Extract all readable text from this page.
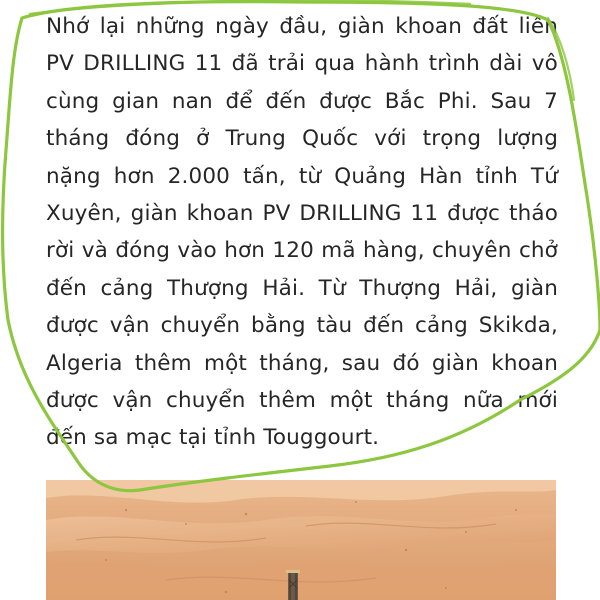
Nhớ lại những ngày đầu, giàn khoan đất liền
PV DRILLING 11 đã trải qua hành trình dài vô
cùng gian nan để đến được Bắc Phi. Sau 7
tháng đóng ở Trung Quốc với trọng lượng
nặng hơn 2.000 tấn, từ Quảng Hàn tỉnh Tứ
Xuyên, giàn khoan PV DRILLING 11 được tháo
rời và đóng vào hơn 120 mã hàng, chuyên chở
đến cảng Thượng Hải. Từ Thượng Hải, giàn
được vận chuyển bằng tàu đến cảng Skikda,
Algeria thêm một tháng, sau đó giàn khoan
được vận chuyển thêm một tháng nữa mới
đến sa mạc tại tỉnh Touggourt.
